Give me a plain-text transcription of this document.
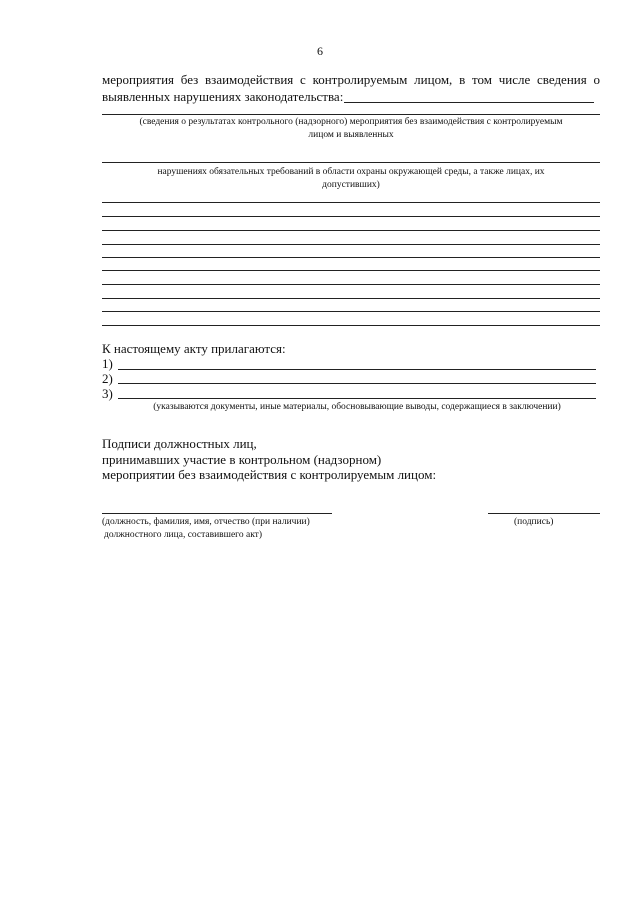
6
мероприятия без взаимодействия с контролируемым лицом, в том числе сведения о
выявленных нарушениях законодательства:
(сведения о результатах контрольного (надзорного) мероприятия без взаимодействия с контролируемым
лицом и выявленных
нарушениях обязательных требований в области охраны окружающей среды, а также лицах, их
допустивших)
К настоящему акту прилагаются:
1)
2)
3)
(указываются документы, иные материалы, обосновывающие выводы, содержащиеся в заключении)
Подписи должностных лиц,
принимавших участие в контрольном (надзорном)
мероприятии без взаимодействия с контролируемым лицом:
(должность, фамилия, имя, отчество (при наличии)
должностного лица, составившего акт)
(подпись)
